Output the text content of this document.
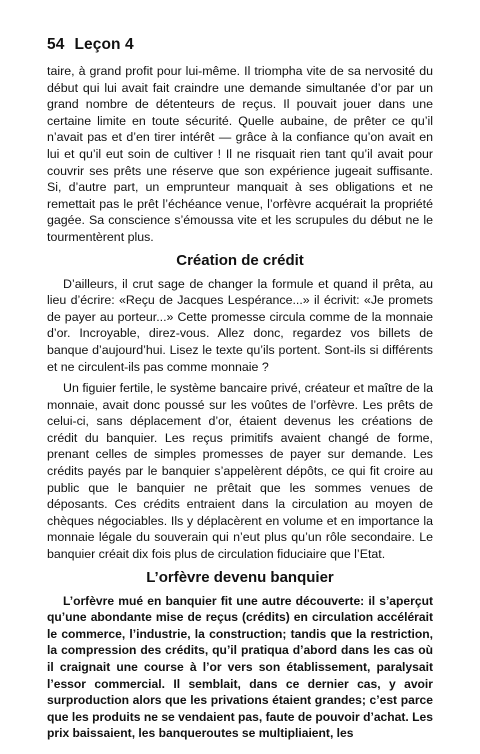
54 Leçon 4

taire, à grand profit pour lui-même. Il triompha vite de sa nervosité du début qui lui avait fait craindre une demande simultanée d’or par un grand nombre de détenteurs de reçus. Il pouvait jouer dans une certaine limite en toute sécurité. Quelle aubaine, de prêter ce qu’il n’avait pas et d’en tirer intérêt — grâce à la confiance qu’on avait en lui et qu’il eut soin de cultiver ! Il ne risquait rien tant qu’il avait pour couvrir ses prêts une réserve que son expérience jugeait suffisante. Si, d’autre part, un emprunteur manquait à ses obligations et ne remettait pas le prêt l’échéance venue, l’orfèvre acquérait la propriété gagée. Sa conscience s’émoussa vite et les scrupules du début ne le tourmentèrent plus.

Création de crédit

D’ailleurs, il crut sage de changer la formule et quand il prêta, au lieu d’écrire: «Reçu de Jacques Lespérance...» il écrivit: «Je promets de payer au porteur...» Cette promesse circula comme de la monnaie d’or. Incroyable, direz-vous. Allez donc, regardez vos billets de banque d’aujourd’hui. Lisez le texte qu’ils portent. Sont-ils si différents et ne circulent-ils pas comme monnaie ?

Un figuier fertile, le système bancaire privé, créateur et maître de la monnaie, avait donc poussé sur les voûtes de l’orfèvre. Les prêts de celui-ci, sans déplacement d’or, étaient devenus les créations de crédit du banquier. Les reçus primitifs avaient changé de forme, prenant celles de simples promesses de payer sur demande. Les crédits payés par le banquier s’appelèrent dépôts, ce qui fit croire au public que le banquier ne prêtait que les sommes venues de déposants. Ces crédits entraient dans la circulation au moyen de chèques négociables. Ils y déplacèrent en volume et en importance la monnaie légale du souverain qui n’eut plus qu’un rôle secondaire. Le banquier créait dix fois plus de circulation fiduciaire que l’Etat.

L’orfèvre devenu banquier

L’orfèvre mué en banquier fit une autre découverte: il s’aperçut qu’une abondante mise de reçus (crédits) en circulation accélérait le commerce, l’industrie, la construction; tandis que la restriction, la compression des crédits, qu’il pratiqua d’abord dans les cas où il craignait une course à l’or vers son établissement, paralysait l’essor commercial. Il semblait, dans ce dernier cas, y avoir surproduction alors que les privations étaient grandes; c’est parce que les produits ne se vendaient pas, faute de pouvoir d’achat. Les prix baissaient, les banqueroutes se multipliaient, les
